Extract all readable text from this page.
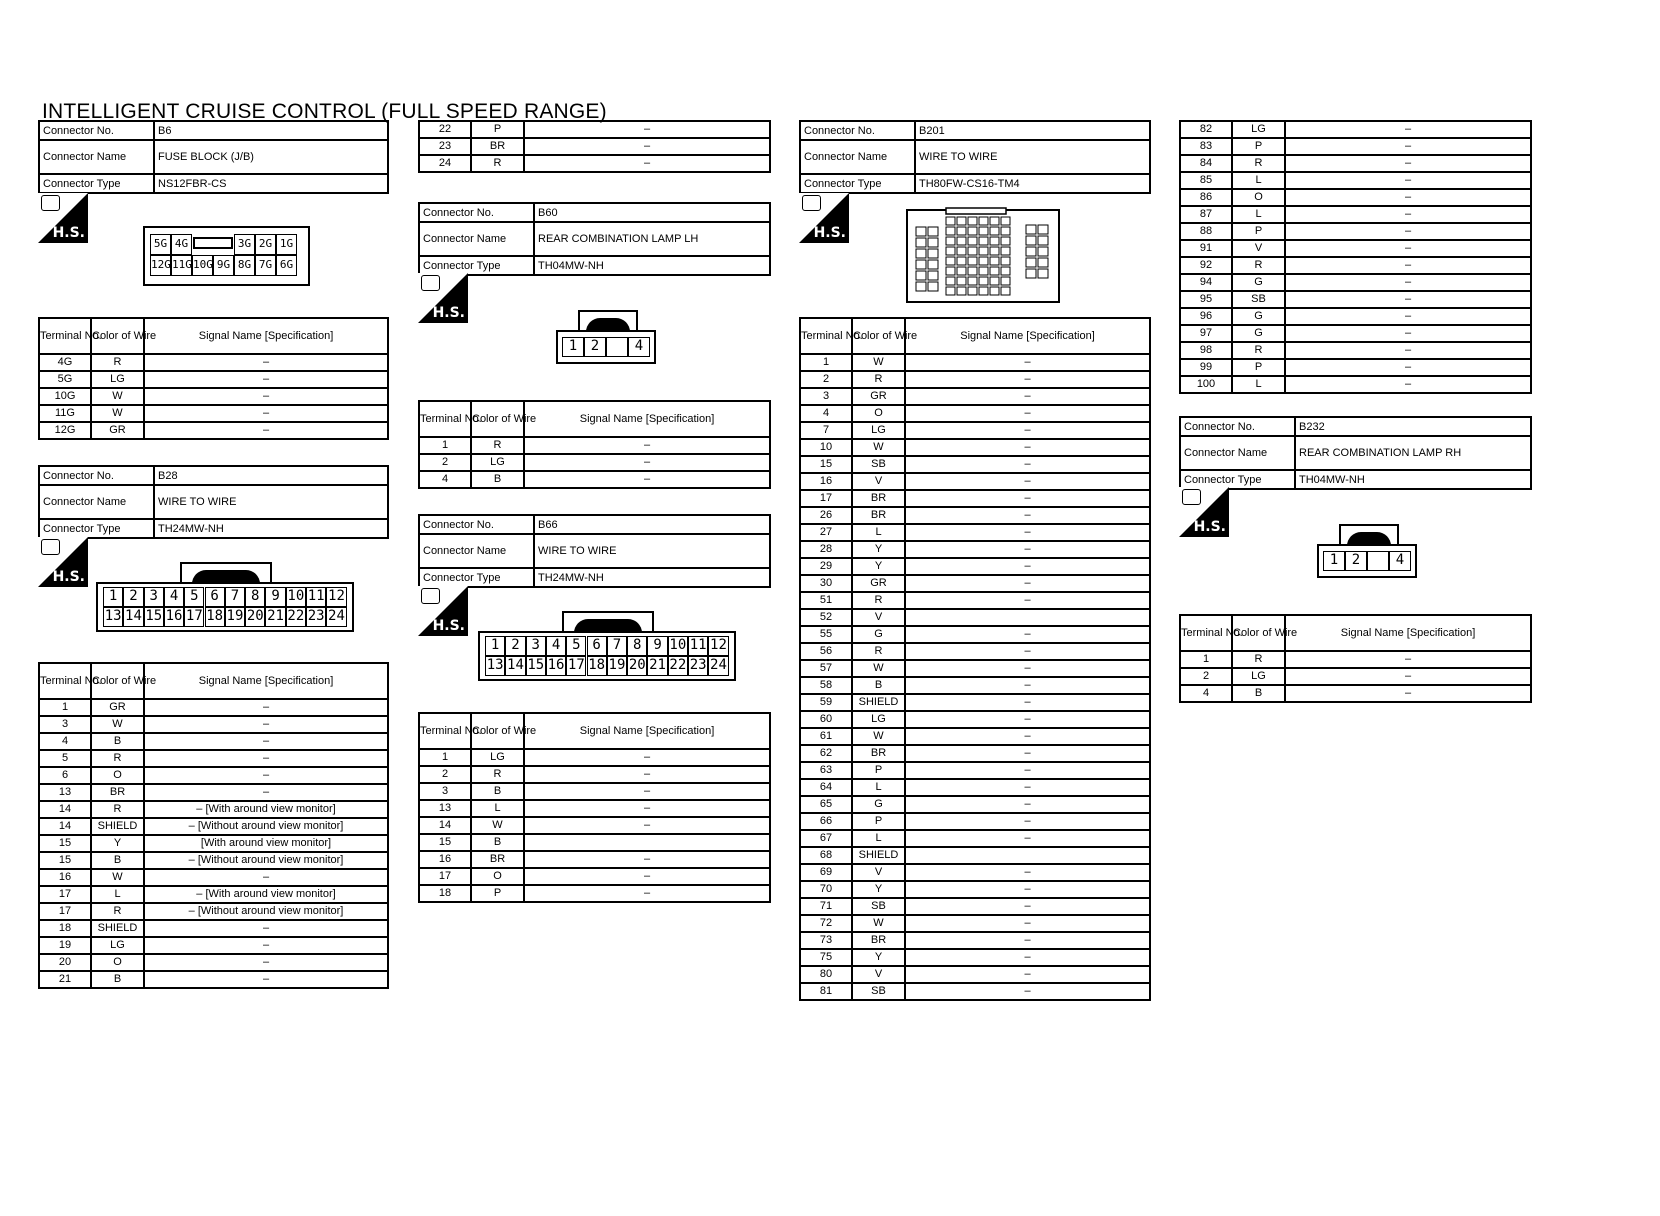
INTELLIGENT CRUISE CONTROL (FULL SPEED RANGE)
Connector No.	B6
Connector Name	FUSE BLOCK (J/B)
Connector Type	NS12FBR-CS
H.S.
5G 4G	3G 2G 1G
12G 11G 10G 9G 8G 7G 6G
Terminal No.	Color of Wire	Signal Name [Specification]
4G	R	–
5G	LG	–
10G	W	–
11G	W	–
12G	GR	–
Connector No.	B28
Connector Name	WIRE TO WIRE
Connector Type	TH24MW-NH
H.S.
1 2 3 4 5 6 7 8 9 10 11 12
13 14 15 16 17 18 19 20 21 22 23 24
Terminal No.	Color of Wire	Signal Name [Specification]
1	GR	–
3	W	–
4	B	–
5	R	–
6	O	–
13	BR	–
14	R	– [With around view monitor]
14	SHIELD	– [Without around view monitor]
15	Y	[With around view monitor]
15	B	– [Without around view monitor]
16	W	–
17	L	– [With around view monitor]
17	R	– [Without around view monitor]
18	SHIELD	–
19	LG	–
20	O	–
21	B	–
22	P	–
23	BR	–
24	R	–
Connector No.	B60
Connector Name	REAR COMBINATION LAMP LH
Connector Type	TH04MW-NH
H.S.
1 2	4
Terminal No.	Color of Wire	Signal Name [Specification]
1	R	–
2	LG	–
4	B	–
Connector No.	B66
Connector Name	WIRE TO WIRE
Connector Type	TH24MW-NH
H.S.
1 2 3 4 5 6 7 8 9 10 11 12
13 14 15 16 17 18 19 20 21 22 23 24
Terminal No.	Color of Wire	Signal Name [Specification]
1	LG	–
2	R	–
3	B	–
13	L	–
14	W	–
15	B	
16	BR	–
17	O	–
18	P	–
Connector No.	B201
Connector Name	WIRE TO WIRE
Connector Type	TH80FW-CS16-TM4
H.S.
Terminal No.	Color of Wire	Signal Name [Specification]
1	W	–
2	R	–
3	GR	–
4	O	–
7	LG	–
10	W	–
15	SB	–
16	V	–
17	BR	–
26	BR	–
27	L	–
28	Y	–
29	Y	–
30	GR	–
51	R	–
52	V	
55	G	–
56	R	–
57	W	–
58	B	–
59	SHIELD	–
60	LG	–
61	W	–
62	BR	–
63	P	–
64	L	–
65	G	–
66	P	–
67	L	–
68	SHIELD	
69	V	–
70	Y	–
71	SB	–
72	W	–
73	BR	–
75	Y	–
80	V	–
81	SB	–
82	LG	–
83	P	–
84	R	–
85	L	–
86	O	–
87	L	–
88	P	–
91	V	–
92	R	–
94	G	–
95	SB	–
96	G	–
97	G	–
98	R	–
99	P	–
100	L	–
Connector No.	B232
Connector Name	REAR COMBINATION LAMP RH
Connector Type	TH04MW-NH
H.S.
1 2	4
Terminal No.	Color of Wire	Signal Name [Specification]
1	R	–
2	LG	–
4	B	–
